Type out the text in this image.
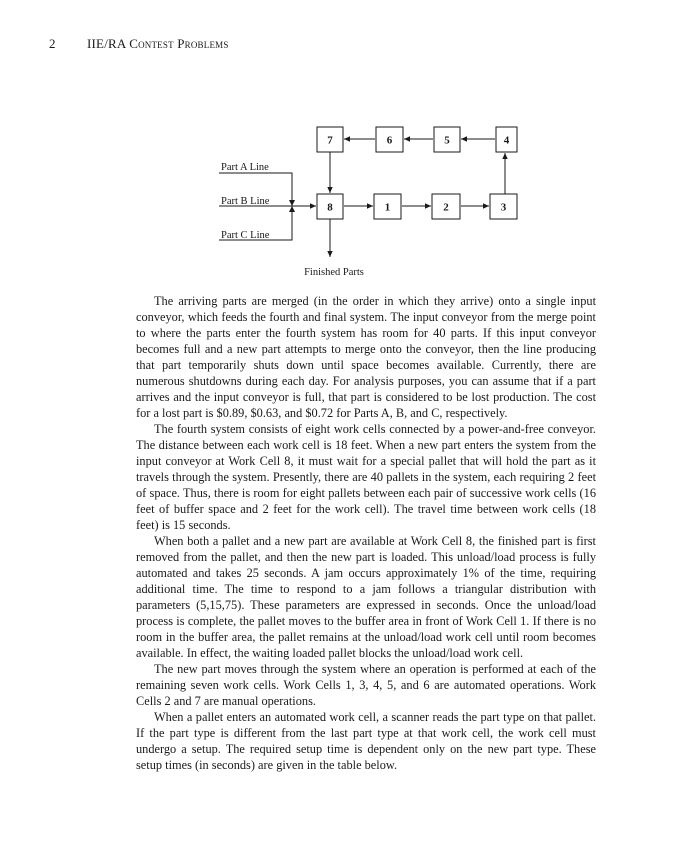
2 IIE/RA Contest Problems
7	6	5	4
8	1	2	3
Part A Line
Part B Line
Part C Line
Finished Parts

The arriving parts are merged (in the order in which they arrive) onto a single input conveyor, which feeds the fourth and final system. The input conveyor from the merge point to where the parts enter the fourth system has room for 40 parts. If this input conveyor becomes full and a new part attempts to merge onto the conveyor, then the line producing that part temporarily shuts down until space becomes available. Currently, there are numerous shutdowns during each day. For analysis purposes, you can assume that if a part arrives and the input conveyor is full, that part is considered to be lost production. The cost for a lost part is $0.89, $0.63, and $0.72 for Parts A, B, and C, respectively.

The fourth system consists of eight work cells connected by a power-and-free conveyor. The distance between each work cell is 18 feet. When a new part enters the system from the input conveyor at Work Cell 8, it must wait for a special pallet that will hold the part as it travels through the system. Presently, there are 40 pallets in the system, each requiring 2 feet of space. Thus, there is room for eight pallets between each pair of successive work cells (16 feet of buffer space and 2 feet for the work cell). The travel time between work cells (18 feet) is 15 seconds.

When both a pallet and a new part are available at Work Cell 8, the finished part is first removed from the pallet, and then the new part is loaded. This unload/load process is fully automated and takes 25 seconds. A jam occurs approximately 1% of the time, requiring additional time. The time to respond to a jam follows a triangular distribution with parameters (5,15,75). These parameters are expressed in seconds. Once the unload/load process is complete, the pallet moves to the buffer area in front of Work Cell 1. If there is no room in the buffer area, the pallet remains at the unload/load work cell until room becomes available. In effect, the waiting loaded pallet blocks the unload/load work cell.

The new part moves through the system where an operation is performed at each of the remaining seven work cells. Work Cells 1, 3, 4, 5, and 6 are automated operations. Work Cells 2 and 7 are manual operations.

When a pallet enters an automated work cell, a scanner reads the part type on that pallet. If the part type is different from the last part type at that work cell, the work cell must undergo a setup. The required setup time is dependent only on the new part type. These setup times (in seconds) are given in the table below.
